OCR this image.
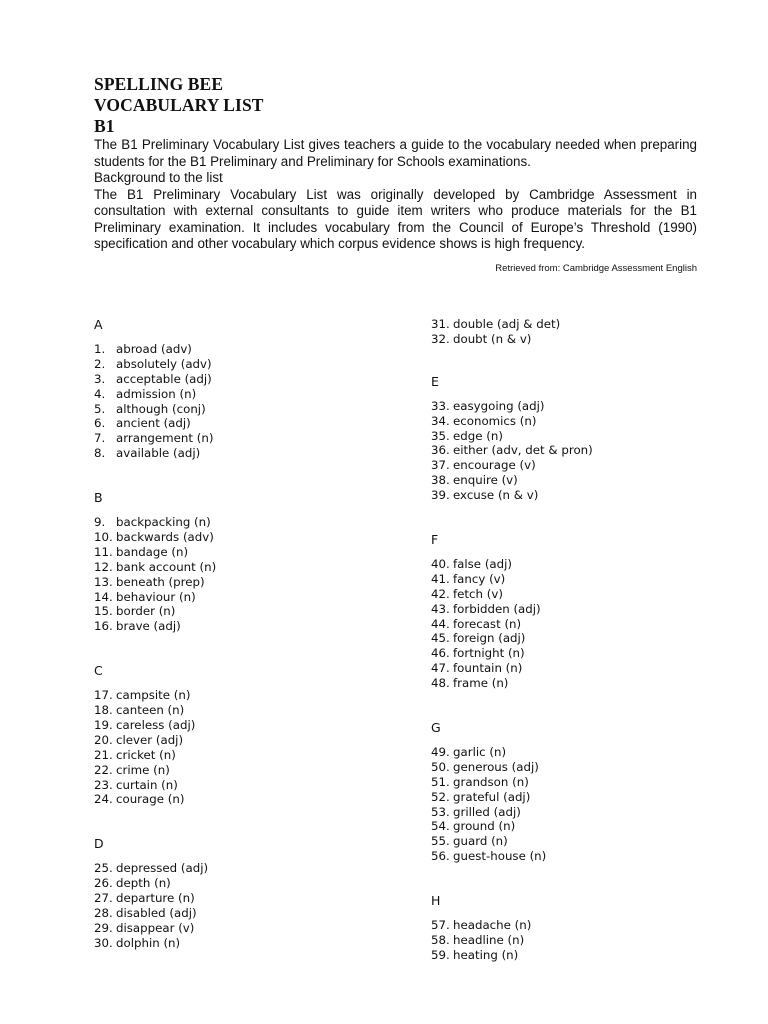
SPELLING BEE

VOCABULARY LIST

B1

The B1 Preliminary Vocabulary List gives teachers a guide to the vocabulary needed when preparing students for the B1 Preliminary and Preliminary for Schools examinations.

Background to the list

The B1 Preliminary Vocabulary List was originally developed by Cambridge Assessment in consultation with external consultants to guide item writers who produce materials for the B1 Preliminary examination. It includes vocabulary from the Council of Europe’s Threshold (1990) specification and other vocabulary which corpus evidence shows is high frequency.

Retrieved from: Cambridge Assessment English
A
1. abroad (adv)
2. absolutely (adv)
3. acceptable (adj)
4. admission (n)
5. although (conj)
6. ancient (adj)
7. arrangement (n)
8. available (adj)
B
9. backpacking (n)
10. backwards (adv)
11. bandage (n)
12. bank account (n)
13. beneath (prep)
14. behaviour (n)
15. border (n)
16. brave (adj)
C
17. campsite (n)
18. canteen (n)
19. careless (adj)
20. clever (adj)
21. cricket (n)
22. crime (n)
23. curtain (n)
24. courage (n)
D
25. depressed (adj)
26. depth (n)
27. departure (n)
28. disabled (adj)
29. disappear (v)
30. dolphin (n)
31. double (adj & det)
32. doubt (n & v)
E
33. easygoing (adj)
34. economics (n)
35. edge (n)
36. either (adv, det & pron)
37. encourage (v)
38. enquire (v)
39. excuse (n & v)
F
40. false (adj)
41. fancy (v)
42. fetch (v)
43. forbidden (adj)
44. forecast (n)
45. foreign (adj)
46. fortnight (n)
47. fountain (n)
48. frame (n)
G
49. garlic (n)
50. generous (adj)
51. grandson (n)
52. grateful (adj)
53. grilled (adj)
54. ground (n)
55. guard (n)
56. guest-house (n)
H
57. headache (n)
58. headline (n)
59. heating (n)
